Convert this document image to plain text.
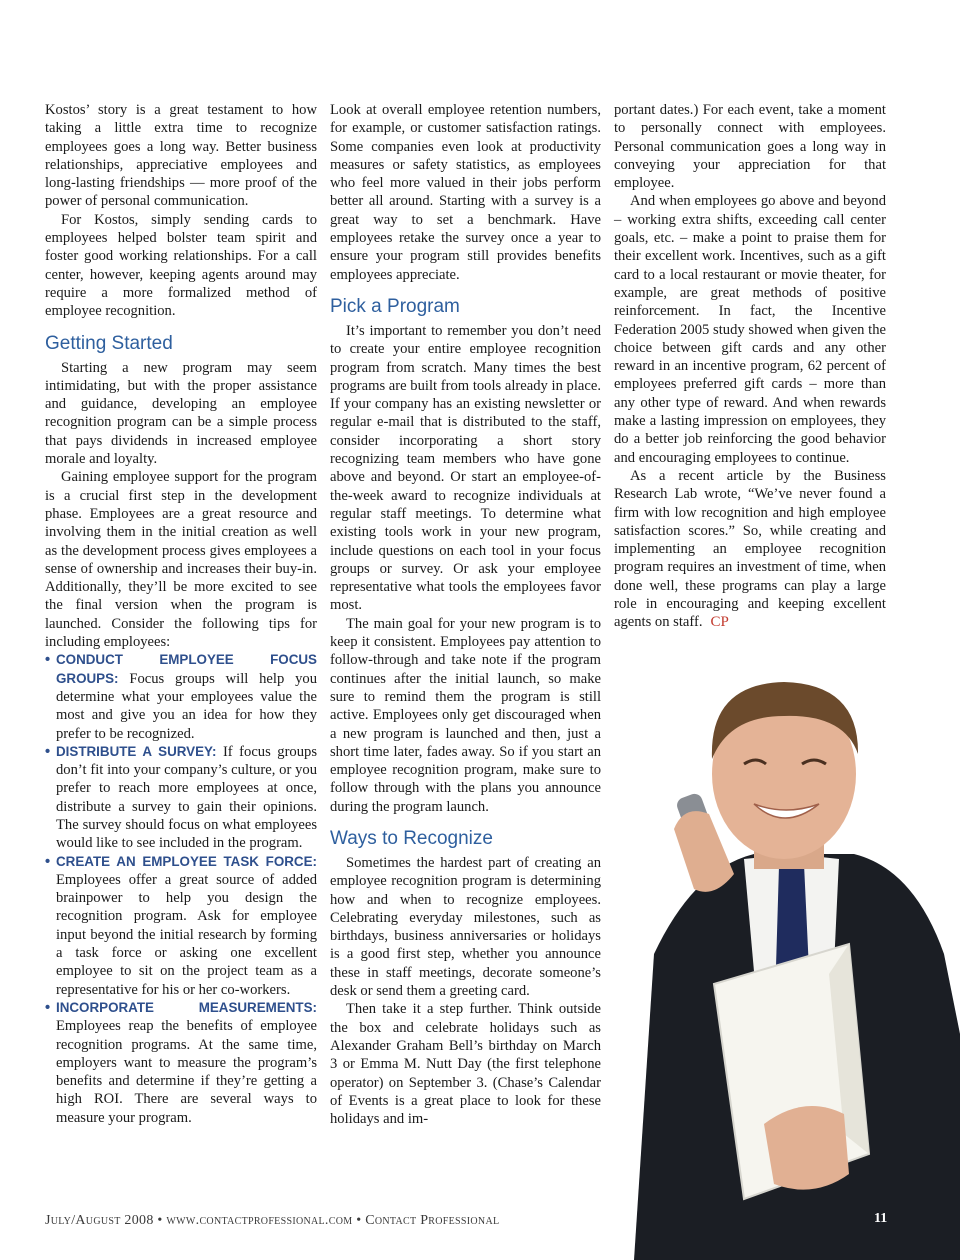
Kostos’ story is a great testament to how taking a little extra time to recognize employees goes a long way. Better business relationships, appreciative employees and long-lasting friendships — more proof of the power of personal communication.

For Kostos, simply sending cards to employees helped bolster team spirit and foster good working relationships. For a call center, however, keeping agents around may require a more formalized method of employee recognition.

Getting Started

Starting a new program may seem intimidating, but with the proper assistance and guidance, developing an employee recognition program can be a simple process that pays dividends in increased employee morale and loyalty.

Gaining employee support for the program is a crucial first step in the development phase. Employees are a great resource and involving them in the initial creation as well as the development process gives employees a sense of ownership and increases their buy-in. Additionally, they’ll be more excited to see the final version when the program is launched. Consider the following tips for including employees:

• CONDUCT EMPLOYEE FOCUS GROUPS: Focus groups will help you determine what your employees value the most and give you an idea for how they prefer to be recognized.
• DISTRIBUTE A SURVEY: If focus groups don’t fit into your company’s culture, or you prefer to reach more employees at once, distribute a survey to gain their opinions. The survey should focus on what employees would like to see included in the program.
• CREATE AN EMPLOYEE TASK FORCE: Employees offer a great source of added brainpower to help you design the recognition program. Ask for employee input beyond the initial research by forming a task force or asking one excellent employee to sit on the project team as a representative for his or her co-workers.
• INCORPORATE MEASUREMENTS: Employees reap the benefits of employee recognition programs. At the same time, employers want to measure the program’s benefits and determine if they’re getting a high ROI. There are several ways to measure your program.

Look at overall employee retention numbers, for example, or customer satisfaction ratings. Some companies even look at productivity measures or safety statistics, as employees who feel more valued in their jobs perform better all around. Starting with a survey is a great way to set a benchmark. Have employees retake the survey once a year to ensure your program still provides benefits employees appreciate.

Pick a Program

It’s important to remember you don’t need to create your entire employee recognition program from scratch. Many times the best programs are built from tools already in place. If your company has an existing newsletter or regular e-mail that is distributed to the staff, consider incorporating a short story recognizing team members who have gone above and beyond. Or start an employee-of-the-week award to recognize individuals at regular staff meetings. To determine what existing tools work in your new program, include questions on each tool in your focus groups or survey. Or ask your employee representative what tools the employees favor most.

The main goal for your new program is to keep it consistent. Employees pay attention to follow-through and take note if the program continues after the initial launch, so make sure to remind them the program is still active. Employees only get discouraged when a new program is launched and then, just a short time later, fades away. So if you start an employee recognition program, make sure to follow through with the plans you announce during the program launch.

Ways to Recognize

Sometimes the hardest part of creating an employee recognition program is determining how and when to recognize employees. Celebrating everyday milestones, such as birthdays, business anniversaries or holidays is a good first step, whether you announce these in staff meetings, decorate someone’s desk or send them a greeting card.

Then take it a step further. Think outside the box and celebrate holidays such as Alexander Graham Bell’s birthday on March 3 or Emma M. Nutt Day (the first telephone operator) on September 3. (Chase’s Calendar of Events is a great place to look for these holidays and im-

portant dates.) For each event, take a moment to personally connect with employees. Personal communication goes a long way in conveying your appreciation for that employee.

And when employees go above and beyond – working extra shifts, exceeding call center goals, etc. – make a point to praise them for their excellent work. Incentives, such as a gift card to a local restaurant or movie theater, for example, are great methods of positive reinforcement. In fact, the Incentive Federation 2005 study showed when given the choice between gift cards and any other reward in an incentive program, 62 percent of employees preferred gift cards – more than any other type of reward. And when rewards make a lasting impression on employees, they do a better job reinforcing the good behavior and encouraging employees to continue.

As a recent article by the Business Research Lab wrote, “We’ve never found a firm with low recognition and high employee satisfaction scores.” So, while creating and implementing an employee recognition program requires an investment of time, when done well, these programs can play a large role in encouraging and keeping excellent agents on staff. CP

July/August 2008 • www.contactprofessional.com • Contact Professional	11
